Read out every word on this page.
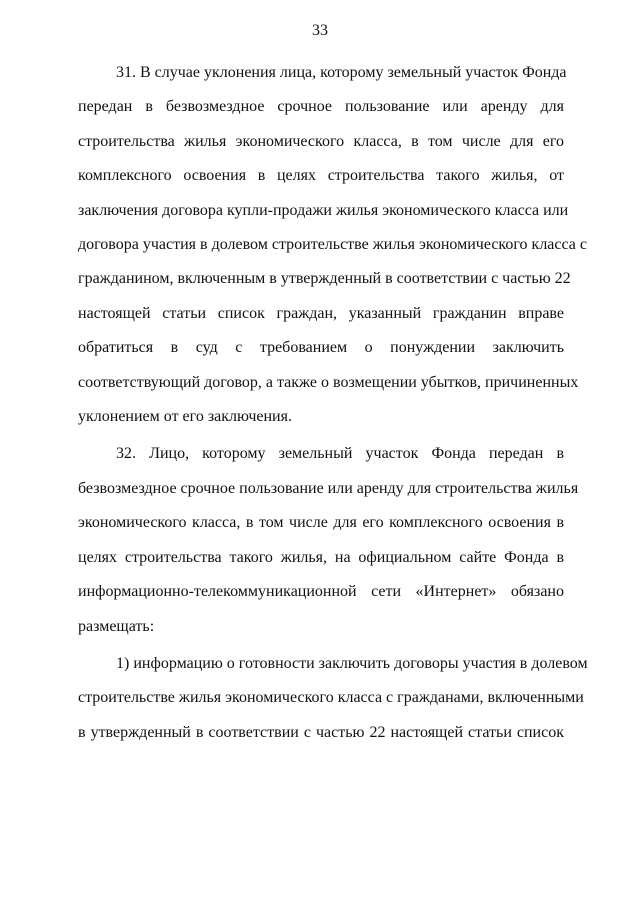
33

31. В случае уклонения лица, которому земельный участок Фонда
передан в безвозмездное срочное пользование или аренду для
строительства жилья экономического класса, в том числе для его
комплексного освоения в целях строительства такого жилья, от
заключения договора купли-продажи жилья экономического класса или
договора участия в долевом строительстве жилья экономического класса с
гражданином, включенным в утвержденный в соответствии с частью 22
настоящей статьи список граждан, указанный гражданин вправе
обратиться в суд с требованием о понуждении заключить
соответствующий договор, а также о возмещении убытков, причиненных
уклонением от его заключения.

32. Лицо, которому земельный участок Фонда передан в
безвозмездное срочное пользование или аренду для строительства жилья
экономического класса, в том числе для его комплексного освоения в
целях строительства такого жилья, на официальном сайте Фонда в
информационно-телекоммуникационной сети «Интернет» обязано
размещать:

1) информацию о готовности заключить договоры участия в долевом
строительстве жилья экономического класса с гражданами, включенными
в утвержденный в соответствии с частью 22 настоящей статьи список
